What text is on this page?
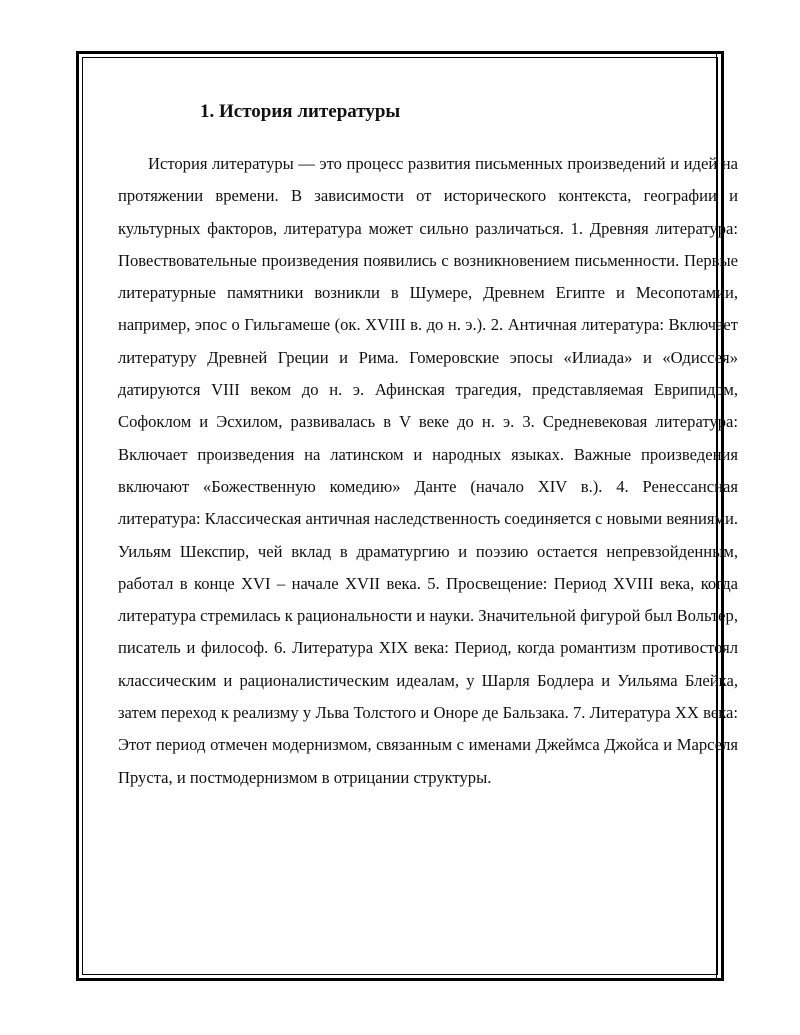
1. История литературы

История литературы — это процесс развития письменных произведений и идей на протяжении времени. В зависимости от исторического контекста, географии и культурных факторов, литература может сильно различаться. 1. Древняя литература: Повествовательные произведения появились с возникновением письменности. Первые литературные памятники возникли в Шумере, Древнем Египте и Месопотамии, например, эпос о Гильгамеше (ок. XVIII в. до н. э.). 2. Античная литература: Включает литературу Древней Греции и Рима. Гомеровские эпосы «Илиада» и «Одиссея» датируются VIII веком до н. э. Афинская трагедия, представляемая Еврипидом, Софоклом и Эсхилом, развивалась в V веке до н. э. 3. Средневековая литература: Включает произведения на латинском и народных языках. Важные произведения включают «Божественную комедию» Данте (начало XIV в.). 4. Ренессансная литература: Классическая античная наследственность соединяется с новыми веяниями. Уильям Шекспир, чей вклад в драматургию и поэзию остается непревзойденным, работал в конце XVI – начале XVII века. 5. Просвещение: Период XVIII века, когда литература стремилась к рациональности и науки. Значительной фигурой был Вольтер, писатель и философ. 6. Литература XIX века: Период, когда романтизм противостоял классическим и рационалистическим идеалам, у Шарля Бодлера и Уильяма Блейка, затем переход к реализму у Льва Толстого и Оноре де Бальзака. 7. Литература XX века: Этот период отмечен модернизмом, связанным с именами Джеймса Джойса и Марселя Пруста, и постмодернизмом в отрицании структуры.
